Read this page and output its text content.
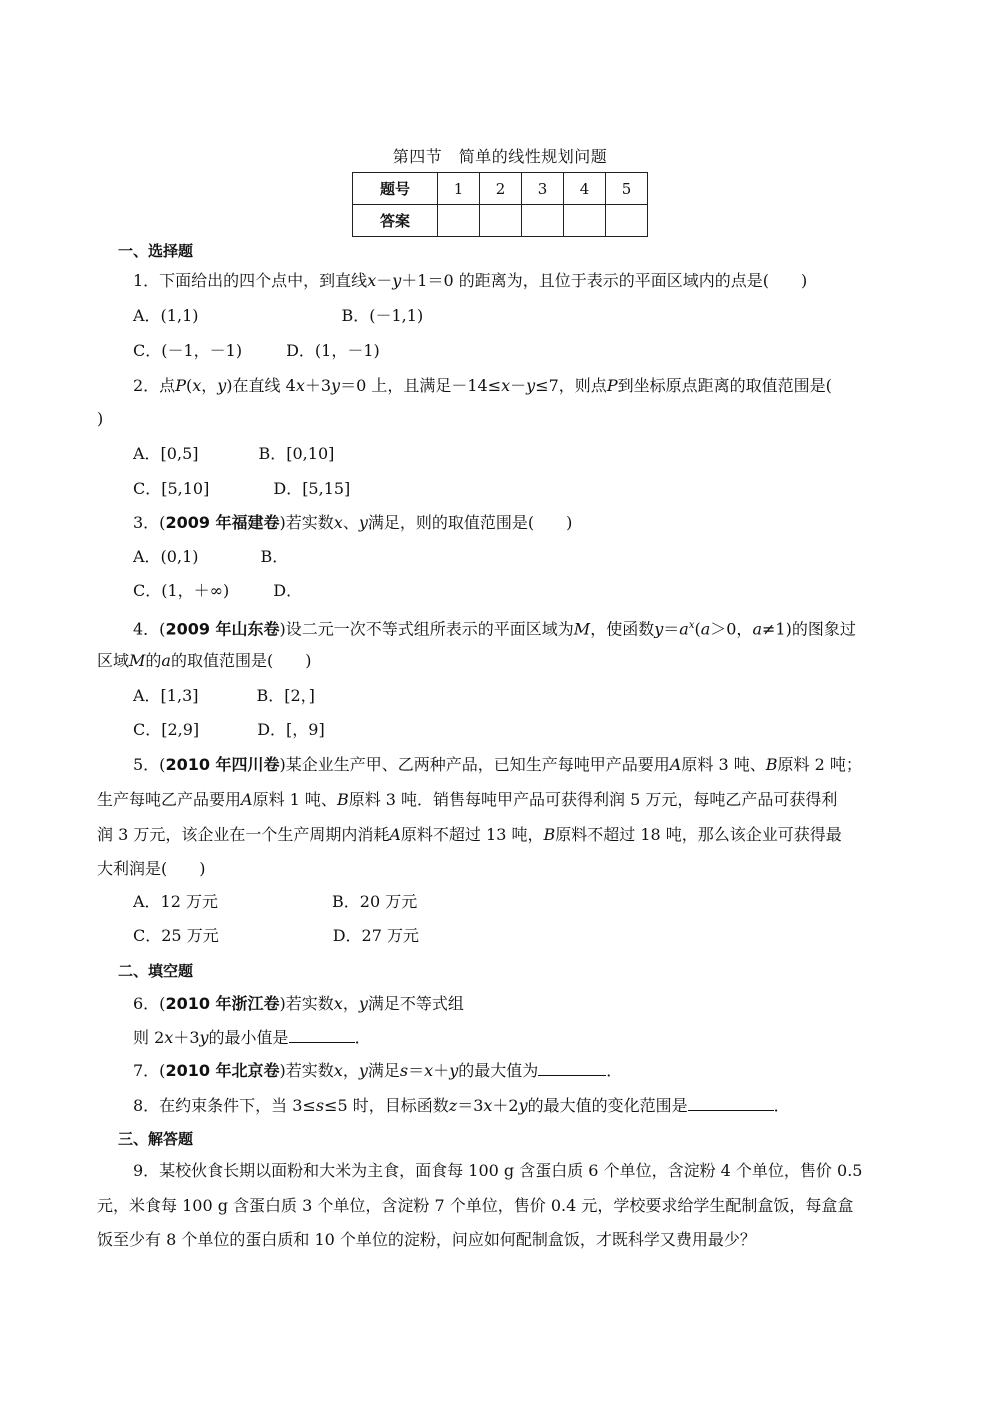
第四节　简单的线性规划问题
题号	1	2	3	4	5
答案					
一、选择题
1．下面给出的四个点中，到直线x－y＋1＝0 的距离为，且位于表示的平面区域内的点是(　　)
A．(1,1)	B．(－1,1)
C．(－1，－1)	D．(1，－1)
2．点P(x，y)在直线 4x＋3y＝0 上，且满足－14≤x－y≤7，则点P到坐标原点距离的取值范围是(
)
A．[0,5]	B．[0,10]
C．[5,10]	D．[5,15]
3．(2009 年福建卷)若实数x、y满足，则的取值范围是(　　)
A．(0,1)	B．
C．(1，＋∞)	D．
4．(2009 年山东卷)设二元一次不等式组所表示的平面区域为M，使函数$y=a^x(a>0$，a≠1)的图象过
区域M的a的取值范围是(　　)
A．[1,3]	B．[2，]
C．[2,9]	D．[，9]
5．(2010 年四川卷)某企业生产甲、乙两种产品，已知生产每吨甲产品要用A原料 3 吨、B原料 2 吨；
生产每吨乙产品要用A原料 1 吨、B原料 3 吨．销售每吨甲产品可获得利润 5 万元，每吨乙产品可获得利
润 3 万元，该企业在一个生产周期内消耗A原料不超过 13 吨，B原料不超过 18 吨，那么该企业可获得最
大利润是(　　)
A．12 万元	B．20 万元
C．25 万元	D．27 万元
二、填空题
6．(2010 年浙江卷)若实数x，y满足不等式组
则 2x＋3y的最小值是	．
7．(2010 年北京卷)若实数x，y满足s＝x＋y的最大值为	．
8．在约束条件下，当 3≤s≤5 时，目标函数z＝3x＋2y的最大值的变化范围是	．
三、解答题
9．某校伙食长期以面粉和大米为主食，面食每 100 g 含蛋白质 6 个单位，含淀粉 4 个单位，售价 0.5
元，米食每 100 g 含蛋白质 3 个单位，含淀粉 7 个单位，售价 0.4 元，学校要求给学生配制盒饭，每盒盒
饭至少有 8 个单位的蛋白质和 10 个单位的淀粉，问应如何配制盒饭，才既科学又费用最少？
